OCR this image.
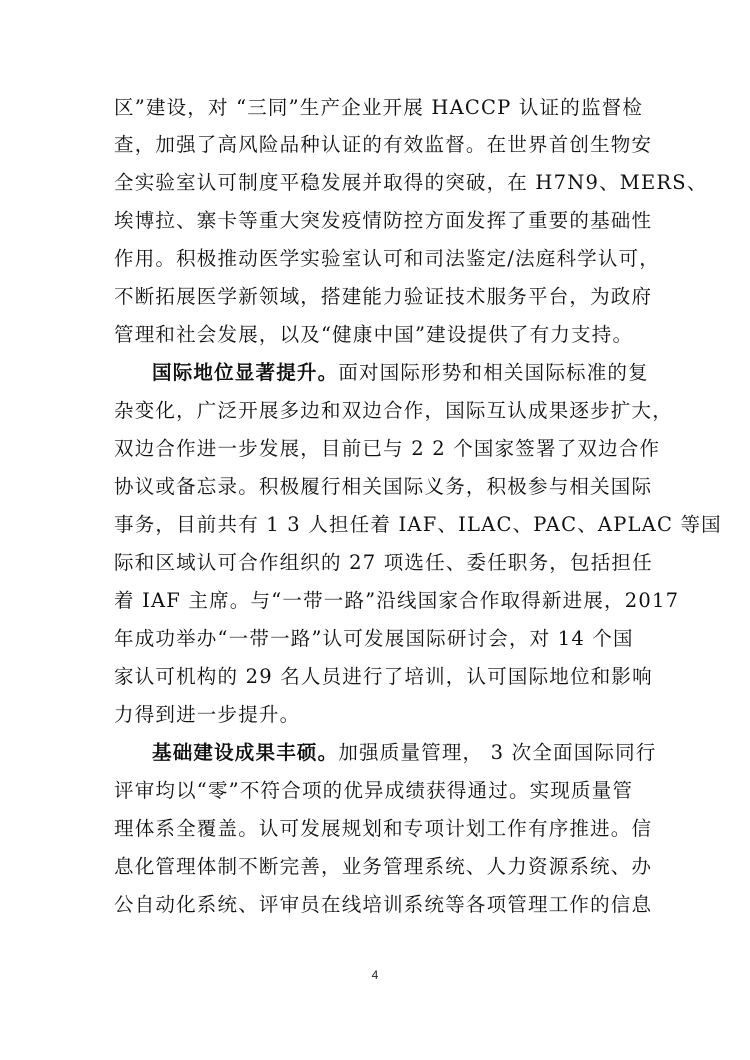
区”建设，对 “三同”生产企业开展 HACCP 认证的监督检
查，加强了高风险品种认证的有效监督。在世界首创生物安
全实验室认可制度平稳发展并取得的突破，在 H7N9、MERS、
埃博拉、寨卡等重大突发疫情防控方面发挥了重要的基础性
作用。积极推动医学实验室认可和司法鉴定/法庭科学认可，
不断拓展医学新领域，搭建能力验证技术服务平台，为政府
管理和社会发展，以及“健康中国”建设提供了有力支持。
国际地位显著提升。面对国际形势和相关国际标准的复
杂变化，广泛开展多边和双边合作，国际互认成果逐步扩大，
双边合作进一步发展，目前已与 2 2 个国家签署了双边合作
协议或备忘录。积极履行相关国际义务，积极参与相关国际
事务，目前共有 1 3 人担任着 IAF、ILAC、PAC、APLAC 等国
际和区域认可合作组织的 27 项选任、委任职务，包括担任
着 IAF 主席。与“一带一路”沿线国家合作取得新进展，2017
年成功举办“一带一路”认可发展国际研讨会，对 14 个国
家认可机构的 29 名人员进行了培训，认可国际地位和影响
力得到进一步提升。
基础建设成果丰硕。加强质量管理， 3 次全面国际同行
评审均以“零”不符合项的优异成绩获得通过。实现质量管
理体系全覆盖。认可发展规划和专项计划工作有序推进。信
息化管理体制不断完善，业务管理系统、人力资源系统、办
公自动化系统、评审员在线培训系统等各项管理工作的信息
4
